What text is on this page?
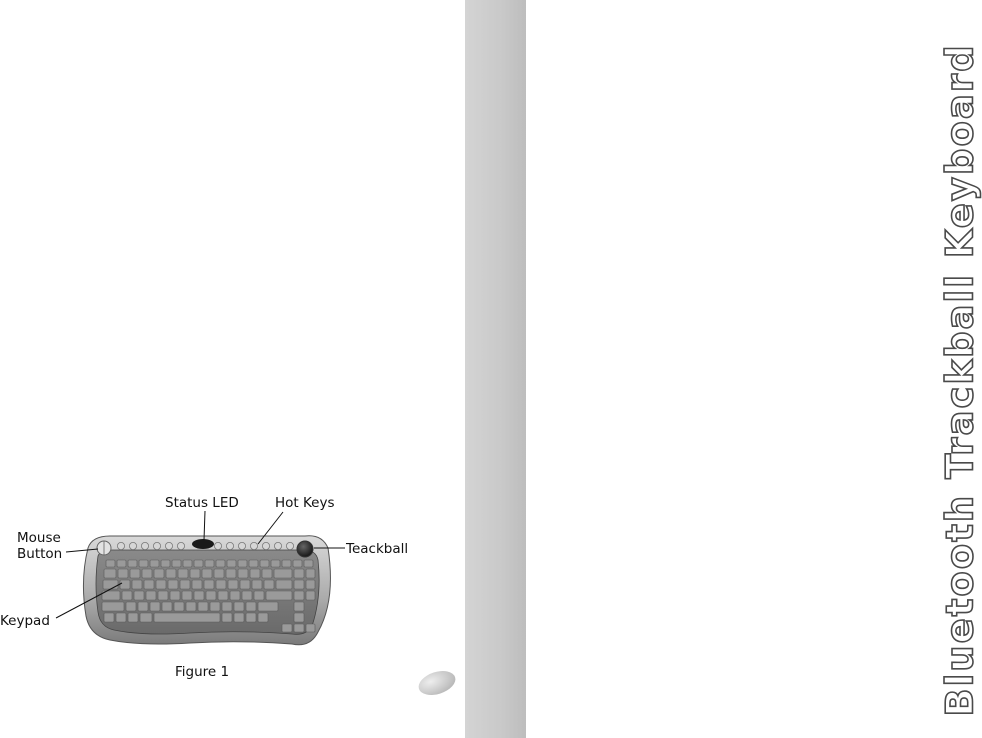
Bluetooth Trackball Keyboard
Status LED	Hot Keys
Mouse Button	Teackball
Keypad
Figure 1
